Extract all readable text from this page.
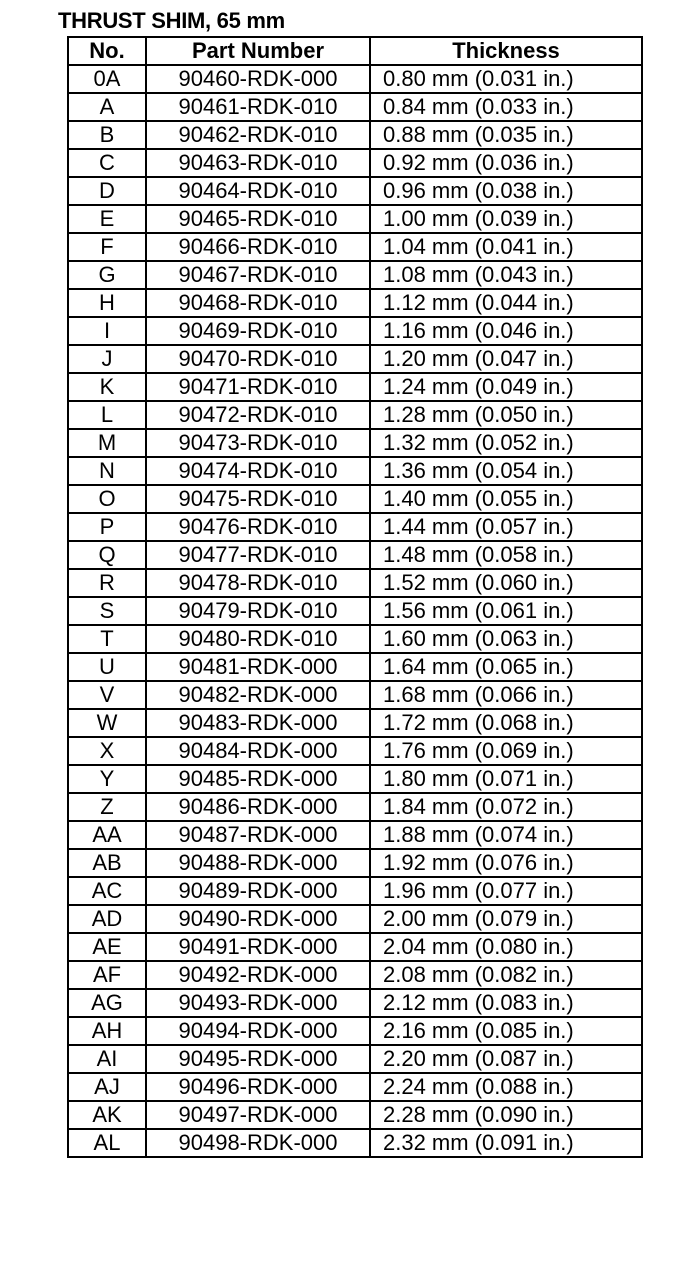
THRUST SHIM, 65 mm
No.	Part Number	Thickness
0A	90460-RDK-000	0.80 mm (0.031 in.)
A	90461-RDK-010	0.84 mm (0.033 in.)
B	90462-RDK-010	0.88 mm (0.035 in.)
C	90463-RDK-010	0.92 mm (0.036 in.)
D	90464-RDK-010	0.96 mm (0.038 in.)
E	90465-RDK-010	1.00 mm (0.039 in.)
F	90466-RDK-010	1.04 mm (0.041 in.)
G	90467-RDK-010	1.08 mm (0.043 in.)
H	90468-RDK-010	1.12 mm (0.044 in.)
I	90469-RDK-010	1.16 mm (0.046 in.)
J	90470-RDK-010	1.20 mm (0.047 in.)
K	90471-RDK-010	1.24 mm (0.049 in.)
L	90472-RDK-010	1.28 mm (0.050 in.)
M	90473-RDK-010	1.32 mm (0.052 in.)
N	90474-RDK-010	1.36 mm (0.054 in.)
O	90475-RDK-010	1.40 mm (0.055 in.)
P	90476-RDK-010	1.44 mm (0.057 in.)
Q	90477-RDK-010	1.48 mm (0.058 in.)
R	90478-RDK-010	1.52 mm (0.060 in.)
S	90479-RDK-010	1.56 mm (0.061 in.)
T	90480-RDK-010	1.60 mm (0.063 in.)
U	90481-RDK-000	1.64 mm (0.065 in.)
V	90482-RDK-000	1.68 mm (0.066 in.)
W	90483-RDK-000	1.72 mm (0.068 in.)
X	90484-RDK-000	1.76 mm (0.069 in.)
Y	90485-RDK-000	1.80 mm (0.071 in.)
Z	90486-RDK-000	1.84 mm (0.072 in.)
AA	90487-RDK-000	1.88 mm (0.074 in.)
AB	90488-RDK-000	1.92 mm (0.076 in.)
AC	90489-RDK-000	1.96 mm (0.077 in.)
AD	90490-RDK-000	2.00 mm (0.079 in.)
AE	90491-RDK-000	2.04 mm (0.080 in.)
AF	90492-RDK-000	2.08 mm (0.082 in.)
AG	90493-RDK-000	2.12 mm (0.083 in.)
AH	90494-RDK-000	2.16 mm (0.085 in.)
AI	90495-RDK-000	2.20 mm (0.087 in.)
AJ	90496-RDK-000	2.24 mm (0.088 in.)
AK	90497-RDK-000	2.28 mm (0.090 in.)
AL	90498-RDK-000	2.32 mm (0.091 in.)
